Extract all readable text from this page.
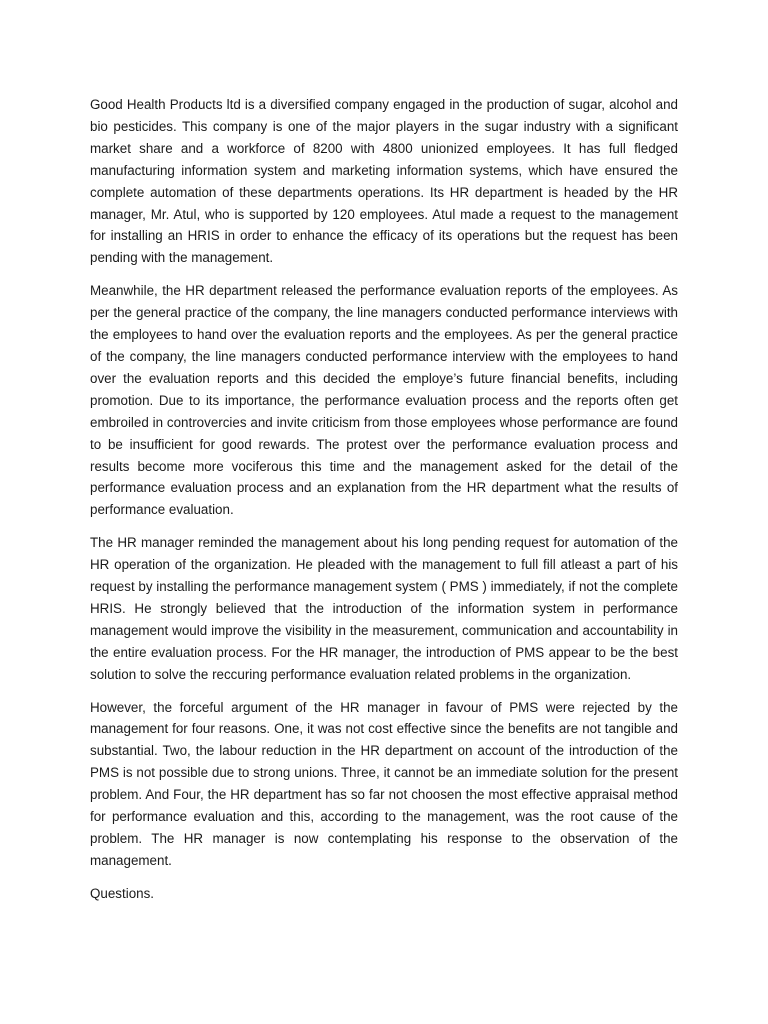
Good Health Products ltd is a diversified company engaged in the production of sugar, alcohol and bio pesticides. This company is one of the major players in the sugar industry with a significant market share and a workforce of 8200 with 4800 unionized employees. It has full fledged manufacturing information system and marketing information systems, which have ensured the complete automation of these departments operations. Its HR department is headed by the HR manager, Mr. Atul, who is supported by 120 employees. Atul made a request to the management for installing an HRIS in order to enhance the efficacy of its operations but the request has been pending with the management.

Meanwhile, the HR department released the performance evaluation reports of the employees. As per the general practice of the company, the line managers conducted performance interviews with the employees to hand over the evaluation reports and the employees. As per the general practice of the company, the line managers conducted performance interview with the employees to hand over the evaluation reports and this decided the employe’s future financial benefits, including promotion. Due to its importance, the performance evaluation process and the reports often get embroiled in controvercies and invite criticism from those employees whose performance are found to be insufficient for good rewards. The protest over the performance evaluation process and results become more vociferous this time and the management asked for the detail of the performance evaluation process and an explanation from the HR department what the results of performance evaluation.

The HR manager reminded the management about his long pending request for automation of the HR operation of the organization. He pleaded with the management to full fill atleast a part of his request by installing the performance management system ( PMS ) immediately, if not the complete HRIS. He strongly believed that the introduction of the information system in performance management would improve the visibility in the measurement, communication and accountability in the entire evaluation process. For the HR manager, the introduction of PMS appear to be the best solution to solve the reccuring performance evaluation related problems in the organization.

However, the forceful argument of the HR manager in favour of PMS were rejected by the management for four reasons. One, it was not cost effective since the benefits are not tangible and substantial. Two, the labour reduction in the HR department on account of the introduction of the PMS is not possible due to strong unions. Three, it cannot be an immediate solution for the present problem. And Four, the HR department has so far not choosen the most effective appraisal method for performance evaluation and this, according to the management, was the root cause of the problem. The HR manager is now contemplating his response to the observation of the management.

Questions.
